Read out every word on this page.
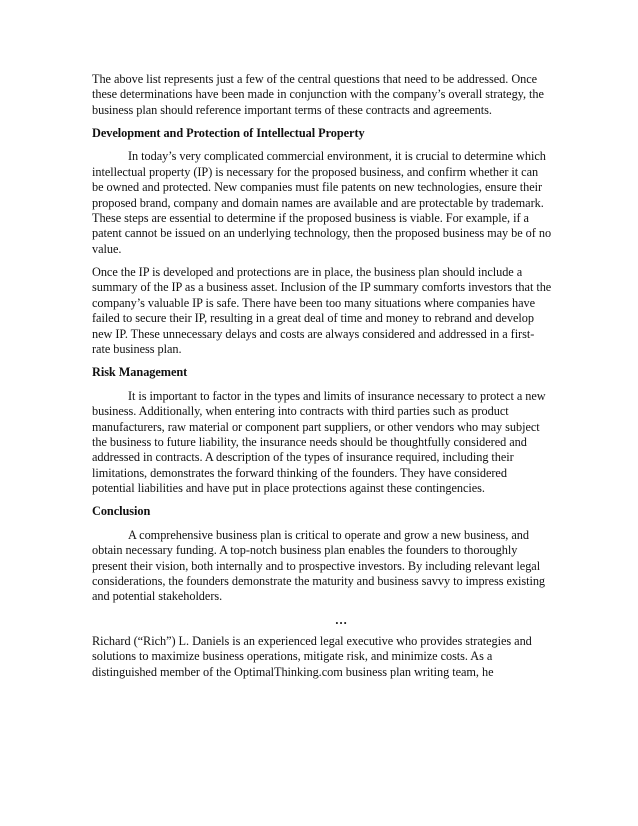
The above list represents just a few of the central questions that need to be addressed. Once these determinations have been made in conjunction with the company’s overall strategy, the business plan should reference important terms of these contracts and agreements.

Development and Protection of Intellectual Property

In today’s very complicated commercial environment, it is crucial to determine which intellectual property (IP) is necessary for the proposed business, and confirm whether it can be owned and protected. New companies must file patents on new technologies, ensure their proposed brand, company and domain names are available and are protectable by trademark. These steps are essential to determine if the proposed business is viable. For example, if a patent cannot be issued on an underlying technology, then the proposed business may be of no value.

Once the IP is developed and protections are in place, the business plan should include a summary of the IP as a business asset. Inclusion of the IP summary comforts investors that the company’s valuable IP is safe. There have been too many situations where companies have failed to secure their IP, resulting in a great deal of time and money to rebrand and develop new IP. These unnecessary delays and costs are always considered and addressed in a first-rate business plan.

Risk Management

It is important to factor in the types and limits of insurance necessary to protect a new business. Additionally, when entering into contracts with third parties such as product manufacturers, raw material or component part suppliers, or other vendors who may subject the business to future liability, the insurance needs should be thoughtfully considered and addressed in contracts. A description of the types of insurance required, including their limitations, demonstrates the forward thinking of the founders. They have considered potential liabilities and have put in place protections against these contingencies.

Conclusion

A comprehensive business plan is critical to operate and grow a new business, and obtain necessary funding. A top-notch business plan enables the founders to thoroughly present their vision, both internally and to prospective investors. By including relevant legal considerations, the founders demonstrate the maturity and business savvy to impress existing and potential stakeholders.

…

Richard (“Rich”) L. Daniels is an experienced legal executive who provides strategies and solutions to maximize business operations, mitigate risk, and minimize costs. As a distinguished member of the OptimalThinking.com business plan writing team, he
